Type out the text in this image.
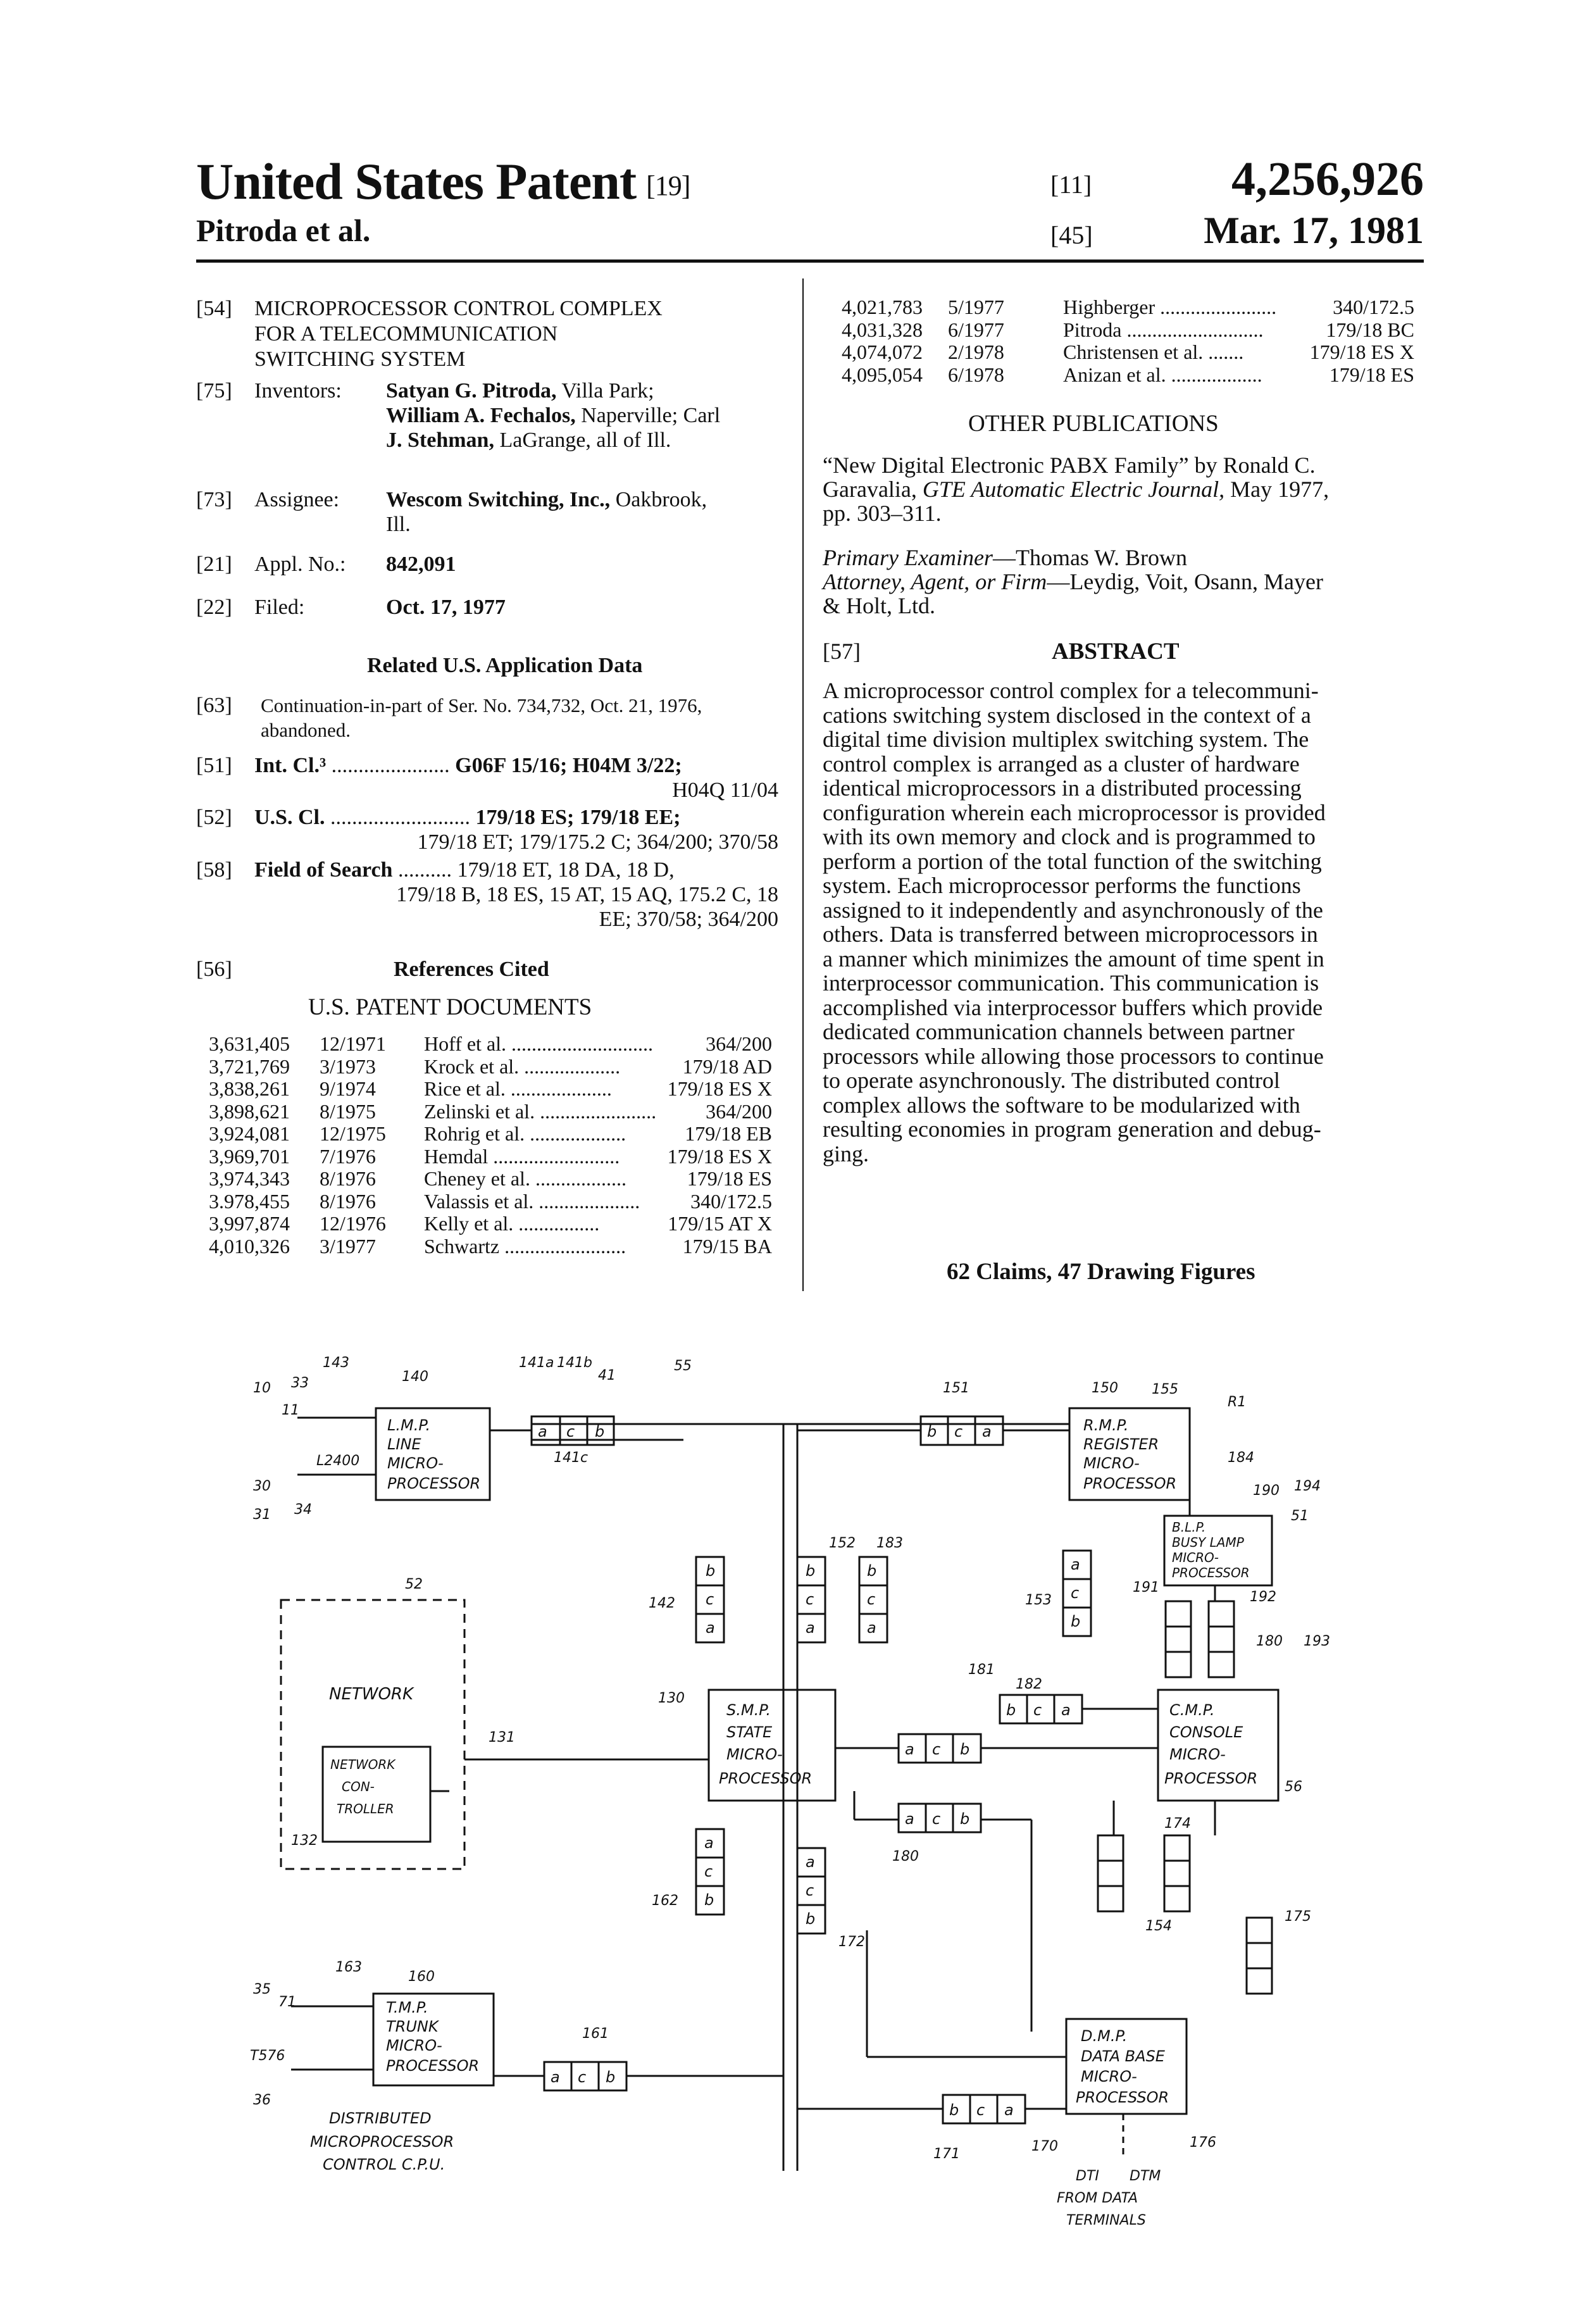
United States Patent [19]
Pitroda et al.
[11]
[45]
4,256,926
Mar. 17, 1981
[54]	MICROPROCESSOR CONTROL COMPLEX
FOR A TELECOMMUNICATION
SWITCHING SYSTEM
[75]	Inventors: Satyan G. Pitroda, Villa Park;
William A. Fechalos, Naperville; Carl
J. Stehman, LaGrange, all of Ill.
[73]	Assignee: Wescom Switching, Inc., Oakbrook,
Ill.
[21]	Appl. No.: 842,091
[22]	Filed:	Oct. 17, 1977
Related U.S. Application Data
[63]	Continuation-in-part of Ser. No. 734,732, Oct. 21, 1976,
abandoned.
[51]	Int. Cl.³ ...................... G06F 15/16; H04M 3/22;
H04Q 11/04
[52]	U.S. Cl. .......................... 179/18 ES; 179/18 EE;
179/18 ET; 179/175.2 C; 364/200; 370/58
[58]	Field of Search .......... 179/18 ET, 18 DA, 18 D,
179/18 B, 18 ES, 15 AT, 15 AQ, 175.2 C, 18
EE; 370/58; 364/200
[56]	References Cited
U.S. PATENT DOCUMENTS
3,631,405 12/1971 Hoff et al. ............................	364/200
3,721,769 3/1973 Krock et al. ...................	179/18 AD
3,838,261 9/1974 Rice et al. ....................	179/18 ES X
3,898,621 8/1975 Zelinski et al. ....................... 364/200
3,924,081 12/1975 Rohrig et al. ...................	179/18 EB
3,969,701 7/1976 Hemdal ......................... 179/18 ES X
3,974,343 8/1976 Cheney et al. ..................	179/18 ES
3.978,455 8/1976 Valassis et al. .................... 340/172.5
3,997,874 12/1976 Kelly et al. ................	179/15 AT X
4,010,326 3/1977 Schwartz ........................	179/15 BA
4,021,783 5/1977	Highberger .......................	340/172.5
4,031,328 6/1977	Pitroda ...........................	179/18 BC
4,074,072 2/1978	Christensen et al. .......	179/18 ES X
4,095,054 6/1978	Anizan et al. ..................	179/18 ES
OTHER PUBLICATIONS
“New Digital Electronic PABX Family” by Ronald C.
Garavalia, GTE Automatic Electric Journal, May 1977,
pp. 303–311.
Primary Examiner—Thomas W. Brown
Attorney, Agent, or Firm—Leydig, Voit, Osann, Mayer
& Holt, Ltd.
[57]	ABSTRACT
A microprocessor control complex for a telecommuni-
cations switching system disclosed in the context of a
digital time division multiplex switching system. The
control complex is arranged as a cluster of hardware
identical microprocessors in a distributed processing
configuration wherein each microprocessor is provided
with its own memory and clock and is programmed to
perform a portion of the total function of the switching
system. Each microprocessor performs the functions
assigned to it independently and asynchronously of the
others. Data is transferred between microprocessors in
a manner which minimizes the amount of time spent in
interprocessor communication. This communication is
accomplished via interprocessor buffers which provide
dedicated communication channels between partner
processors while allowing those processors to continue
to operate asynchronously. The distributed control
complex allows the software to be modularized with
resulting economies in program generation and debug-
ging.
62 Claims, 47 Drawing Figures
L.M.P.
LINE
MICRO-
PROCESSOR
R.M.P.
REGISTER
MICRO-
PROCESSOR
B.L.P.
BUSY LAMP
MICRO-
PROCESSOR
S.M.P.
STATE
MICRO-
PROCESSOR
C.M.P.
CONSOLE
MICRO-
PROCESSOR
T.M.P.
TRUNK
MICRO-
PROCESSOR
D.M.P.
DATA BASE
MICRO-
PROCESSOR
NETWORK
NETWORK
CON-
TROLLER
DISTRIBUTED
MICROPROCESSOR
CONTROL C.P.U.
DTI DTM
FROM DATA
TERMINALS
a c b	b c a
b
c
a
b
c
a
b
c
a
a
c
b
a c b
b c a
a c b
a
c
b
a
c
b
a c b
b c a
10 33
143
140
141a 141b
41
55
11
L2400
30
31 34
141c
151	150 155
R1
184
190 194
51
152 183
142	153
191
192
180 193
181
52
130
182
131
132
174
56
180
162
172
154
175
163
160
35
71
T576
36
161
171	170	176
